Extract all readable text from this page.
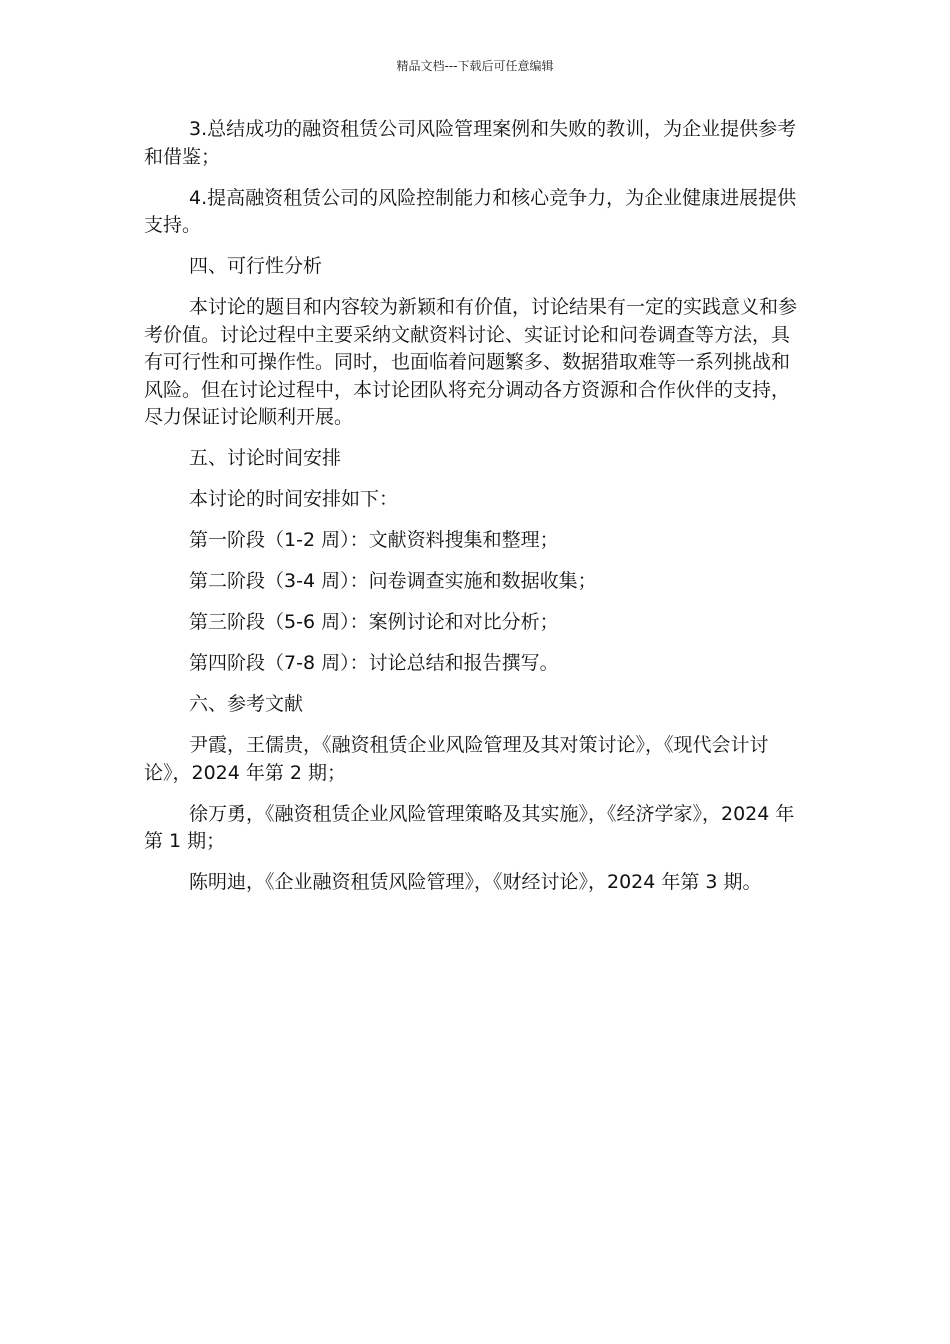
精品文档---下载后可任意编辑

3.总结成功的融资租赁公司风险管理案例和失败的教训，为企业提供参考和借鉴；

4.提高融资租赁公司的风险控制能力和核心竞争力，为企业健康进展提供支持。

四、可行性分析

本讨论的题目和内容较为新颖和有价值，讨论结果有一定的实践意义和参考价值。讨论过程中主要采纳文献资料讨论、实证讨论和问卷调查等方法，具有可行性和可操作性。同时，也面临着问题繁多、数据猎取难等一系列挑战和风险。但在讨论过程中，本讨论团队将充分调动各方资源和合作伙伴的支持，尽力保证讨论顺利开展。

五、讨论时间安排

本讨论的时间安排如下：

第一阶段（1-2 周）：文献资料搜集和整理；

第二阶段（3-4 周）：问卷调查实施和数据收集；

第三阶段（5-6 周）：案例讨论和对比分析；

第四阶段（7-8 周）：讨论总结和报告撰写。

六、参考文献

尹霞，王儒贵，《融资租赁企业风险管理及其对策讨论》，《现代会计讨论》，2024 年第 2 期；

徐万勇，《融资租赁企业风险管理策略及其实施》，《经济学家》，2024 年第 1 期；

陈明迪，《企业融资租赁风险管理》，《财经讨论》，2024 年第 3 期。
